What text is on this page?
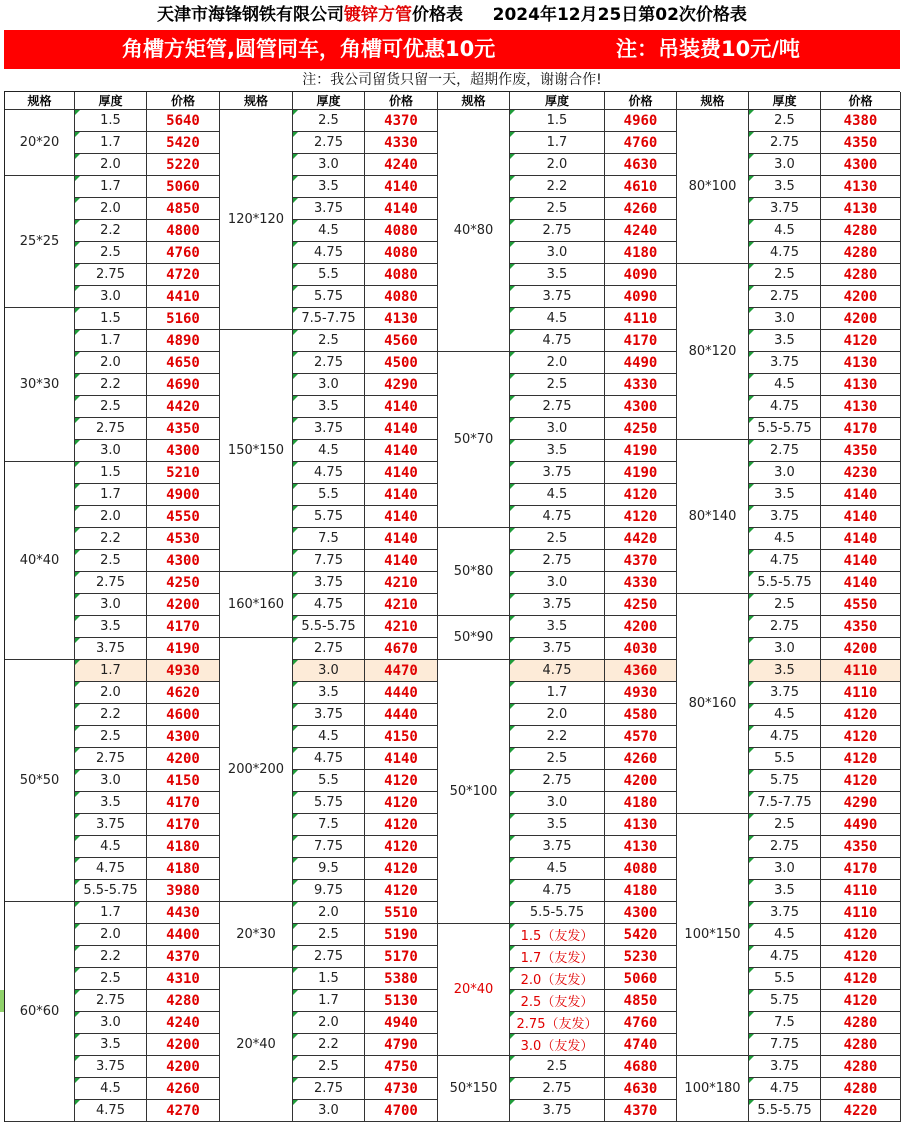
天津市海锋钢铁有限公司镀锌方管价格表 2024年12月25日第02次价格表
角槽方矩管,圆管同车，角槽可优惠10元	注：吊装费10元/吨
注：我公司留货只留一天，超期作废，谢谢合作!
规格	厚度	价格	规格	厚度	价格	规格	厚度	价格	规格	厚度	价格
20*20
1.5	5640
1.7	5420
2.0	5220
25*25
1.7	5060
2.0	4850
2.2	4800
2.5	4760
2.75	4720
3.0	4410
30*30
1.5	5160
1.7	4890
2.0	4650
2.2	4690
2.5	4420
2.75	4350
3.0	4300
40*40
1.5	5210
1.7	4900
2.0	4550
2.2	4530
2.5	4300
2.75	4250
3.0	4200
3.5	4170
3.75	4190
50*50
1.7	4930
2.0	4620
2.2	4600
2.5	4300
2.75	4200
3.0	4150
3.5	4170
3.75	4170
4.5	4180
4.75	4180
5.5-5.75	3980
60*60
1.7	4430
2.0	4400
2.2	4370
2.5	4310
2.75	4280
3.0	4240
3.5	4200
3.75	4200
4.5	4260
4.75	4270
120*120
2.5	4370
2.75	4330
3.0	4240
3.5	4140
3.75	4140
4.5	4080
4.75	4080
5.5	4080
5.75	4080
7.5-7.75	4130
150*150
2.5	4560
2.75	4500
3.0	4290
3.5	4140
3.75	4140
4.5	4140
4.75	4140
5.5	4140
5.75	4140
7.5	4140
7.75	4140
160*160
3.75	4210
4.75	4210
5.5-5.75	4210
200*200
2.75	4670
3.0	4470
3.5	4440
3.75	4440
4.5	4150
4.75	4140
5.5	4120
5.75	4120
7.5	4120
7.75	4120
9.5	4120
9.75	4120
20*30
2.0	5510
2.5	5190
2.75	5170
20*40
1.5	5380
1.7	5130
2.0	4940
2.2	4790
2.5	4750
2.75	4730
3.0	4700
40*80
1.5	4960
1.7	4760
2.0	4630
2.2	4610
2.5	4260
2.75	4240
3.0	4180
3.5	4090
3.75	4090
4.5	4110
4.75	4170
50*70
2.0	4490
2.5	4330
2.75	4300
3.0	4250
3.5	4190
3.75	4190
4.5	4120
4.75	4120
50*80
2.5	4420
2.75	4370
3.0	4330
3.75	4250
50*90
3.5	4200
3.75	4030
50*100
4.75	4360
1.7	4930
2.0	4580
2.2	4570
2.5	4260
2.75	4200
3.0	4180
3.5	4130
3.75	4130
4.5	4080
4.75	4180
5.5-5.75	4300
20*40
1.5（友发）	5420
1.7（友发）	5230
2.0（友发）	5060
2.5（友发）	4850
2.75（友发）	4760
3.0（友发）	4740
50*150
2.5	4680
2.75	4630
3.75	4370
80*100
2.5	4380
2.75	4350
3.0	4300
3.5	4130
3.75	4130
4.5	4280
4.75	4280
80*120
2.5	4280
2.75	4200
3.0	4200
3.5	4120
3.75	4130
4.5	4130
4.75	4130
5.5-5.75	4170
80*140
2.75	4350
3.0	4230
3.5	4140
3.75	4140
4.5	4140
4.75	4140
5.5-5.75	4140
80*160
2.5	4550
2.75	4350
3.0	4200
3.5	4110
3.75	4110
4.5	4120
4.75	4120
5.5	4120
5.75	4120
7.5-7.75	4290
100*150
2.5	4490
2.75	4350
3.0	4170
3.5	4110
3.75	4110
4.5	4120
4.75	4120
5.5	4120
5.75	4120
7.5	4280
7.75	4280
100*180
3.75	4280
4.75	4280
5.5-5.75	4220
